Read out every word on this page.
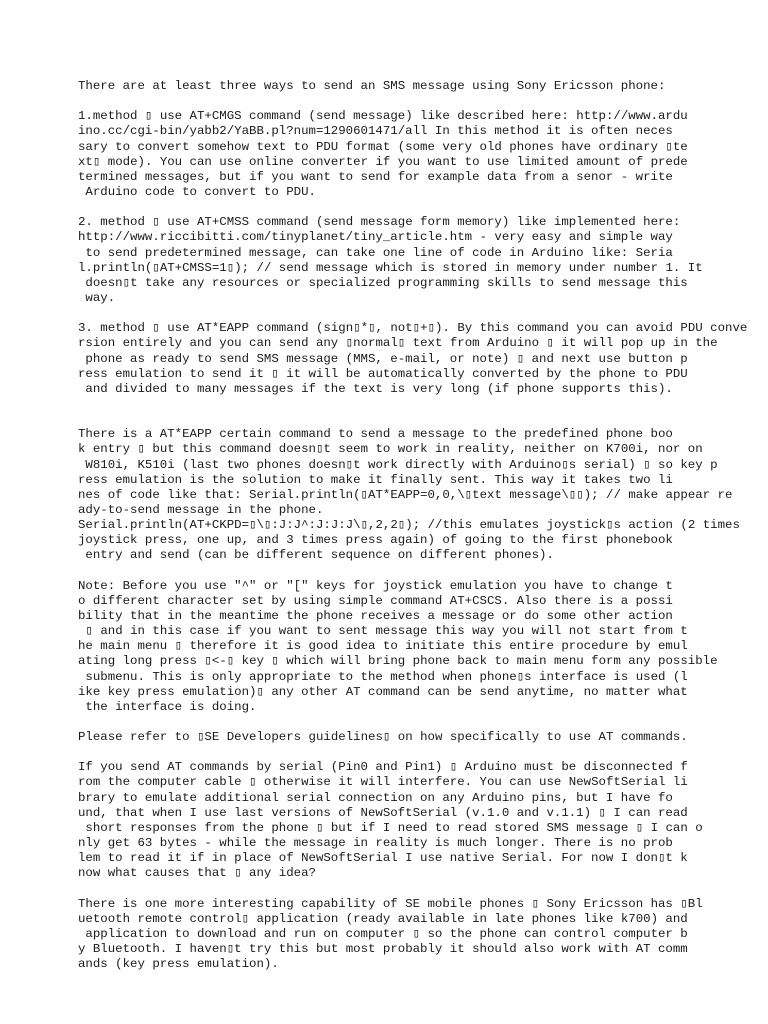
There are at least three ways to send an SMS message using Sony Ericsson phone:
1.method ▯ use AT+CMGS command (send message) like described here: http://www.ardu
ino.cc/cgi-bin/yabb2/YaBB.pl?num=1290601471/all In this method it is often neces
sary to convert somehow text to PDU format (some very old phones have ordinary ▯te
xt▯ mode). You can use online converter if you want to use limited amount of prede
termined messages, but if you want to send for example data from a senor - write
Arduino code to convert to PDU.
2. method ▯ use AT+CMSS command (send message form memory) like implemented here:
http://www.riccibitti.com/tinyplanet/tiny_article.htm - very easy and simple way
to send predetermined message, can take one line of code in Arduino like: Seria
l.println(▯AT+CMSS=1▯); // send message which is stored in memory under number 1. It
doesn▯t take any resources or specialized programming skills to send message this
way.
3. method ▯ use AT*EAPP command (sign▯*▯, not▯+▯). By this command you can avoid PDU conve
rsion entirely and you can send any ▯normal▯ text from Arduino ▯ it will pop up in the
phone as ready to send SMS message (MMS, e-mail, or note) ▯ and next use button p
ress emulation to send it ▯ it will be automatically converted by the phone to PDU
and divided to many messages if the text is very long (if phone supports this).
There is a AT*EAPP certain command to send a message to the predefined phone boo
k entry ▯ but this command doesn▯t seem to work in reality, neither on K700i, nor on
W810i, K510i (last two phones doesn▯t work directly with Arduino▯s serial) ▯ so key p
ress emulation is the solution to make it finally sent. This way it takes two li
nes of code like that: Serial.println(▯AT*EAPP=0,0,\▯text message\▯▯); // make appear re
ady-to-send message in the phone.
Serial.println(AT+CKPD=▯\▯:J:J^:J:J:J\▯,2,2▯); //this emulates joystick▯s action (2 times
joystick press, one up, and 3 times press again) of going to the first phonebook
entry and send (can be different sequence on different phones).
Note: Before you use "^" or "[" keys for joystick emulation you have to change t
o different character set by using simple command AT+CSCS. Also there is a possi
bility that in the meantime the phone receives a message or do some other action
▯ and in this case if you want to sent message this way you will not start from t
he main menu ▯ therefore it is good idea to initiate this entire procedure by emul
ating long press ▯<-▯ key ▯ which will bring phone back to main menu form any possible
submenu. This is only appropriate to the method when phone▯s interface is used (l
ike key press emulation)▯ any other AT command can be send anytime, no matter what
the interface is doing.
Please refer to ▯SE Developers guidelines▯ on how specifically to use AT commands.
If you send AT commands by serial (Pin0 and Pin1) ▯ Arduino must be disconnected f
rom the computer cable ▯ otherwise it will interfere. You can use NewSoftSerial li
brary to emulate additional serial connection on any Arduino pins, but I have fo
und, that when I use last versions of NewSoftSerial (v.1.0 and v.1.1) ▯ I can read
short responses from the phone ▯ but if I need to read stored SMS message ▯ I can o
nly get 63 bytes - while the message in reality is much longer. There is no prob
lem to read it if in place of NewSoftSerial I use native Serial. For now I don▯t k
now what causes that ▯ any idea?
There is one more interesting capability of SE mobile phones ▯ Sony Ericsson has ▯Bl
uetooth remote control▯ application (ready available in late phones like k700) and
application to download and run on computer ▯ so the phone can control computer b
y Bluetooth. I haven▯t try this but most probably it should also work with AT comm
ands (key press emulation).
